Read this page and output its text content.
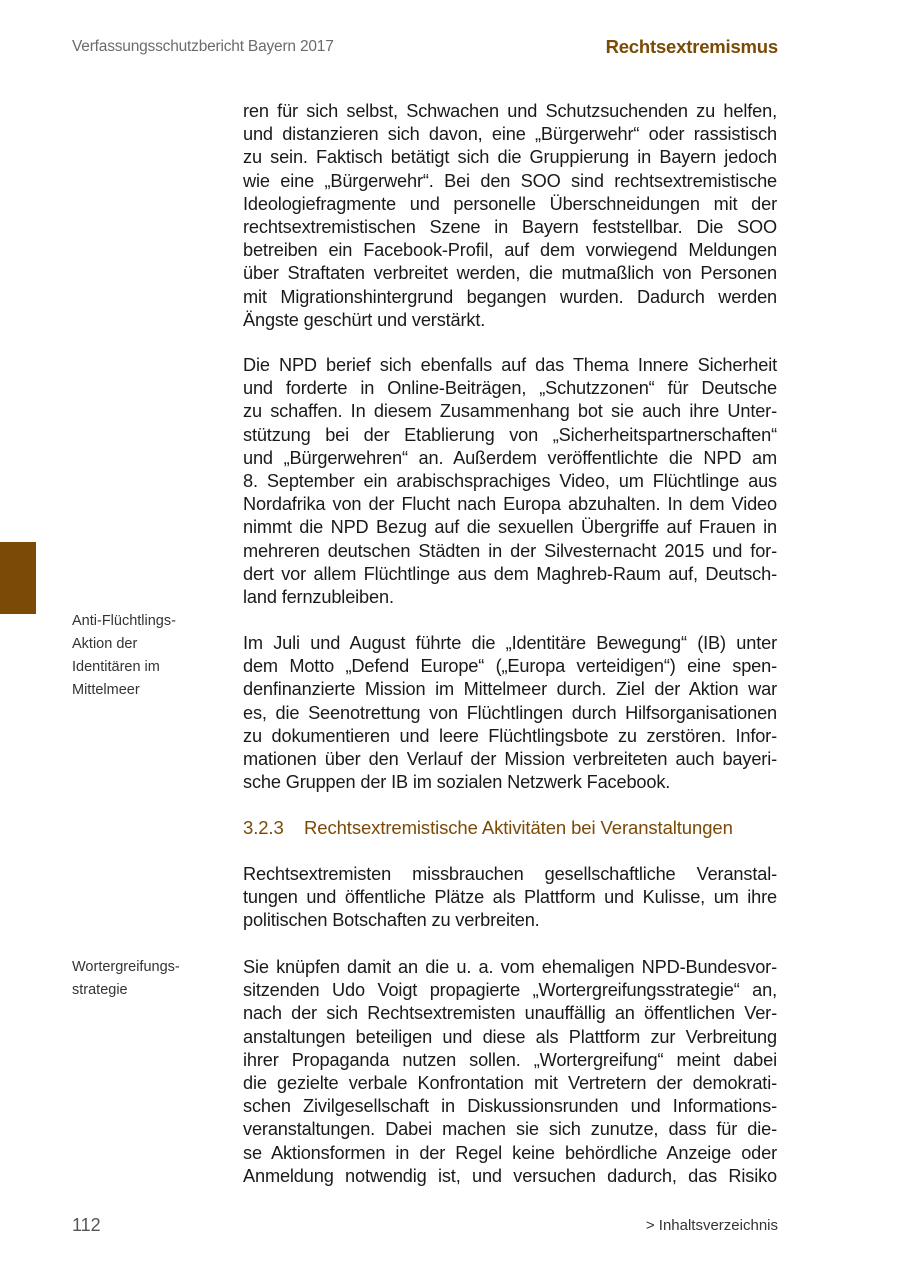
Verfassungsschutzbericht Bayern 2017	Rechtsextremismus
Anti-Flüchtlings-
Aktion der
Identitären im
Mittelmeer
Wortergreifungs-
strategie

ren für sich selbst, Schwachen und Schutzsuchenden zu helfen,
und distanzieren sich davon, eine „Bürgerwehr“ oder rassistisch
zu sein. Faktisch betätigt sich die Gruppierung in Bayern jedoch
wie eine „Bürgerwehr“. Bei den SOO sind rechtsextremistische
Ideologiefragmente und personelle Überschneidungen mit der
rechtsextremistischen Szene in Bayern feststellbar. Die SOO
betreiben ein Facebook-Profil, auf dem vorwiegend Meldungen
über Straftaten verbreitet werden, die mutmaßlich von Personen
mit Migrationshintergrund begangen wurden. Dadurch werden
Ängste geschürt und verstärkt.

Die NPD berief sich ebenfalls auf das Thema Innere Sicherheit
und forderte in Online-Beiträgen, „Schutzzonen“ für Deutsche
zu schaffen. In diesem Zusammenhang bot sie auch ihre Unter-
stützung bei der Etablierung von „Sicherheitspartnerschaften“
und „Bürgerwehren“ an. Außerdem veröffentlichte die NPD am
8. September ein arabischsprachiges Video, um Flüchtlinge aus
Nordafrika von der Flucht nach Europa abzuhalten. In dem Video
nimmt die NPD Bezug auf die sexuellen Übergriffe auf Frauen in
mehreren deutschen Städten in der Silvesternacht 2015 und for-
dert vor allem Flüchtlinge aus dem Maghreb-Raum auf, Deutsch-
land fernzubleiben.

Im Juli und August führte die „Identitäre Bewegung“ (IB) unter
dem Motto „Defend Europe“ („Europa verteidigen“) eine spen-
denfinanzierte Mission im Mittelmeer durch. Ziel der Aktion war
es, die Seenotrettung von Flüchtlingen durch Hilfsorganisationen
zu dokumentieren und leere Flüchtlingsbote zu zerstören. Infor-
mationen über den Verlauf der Mission verbreiteten auch bayeri-
sche Gruppen der IB im sozialen Netzwerk Facebook.

3.2.3 Rechtsextremistische Aktivitäten bei Veranstaltungen

Rechtsextremisten missbrauchen gesellschaftliche Veranstal-
tungen und öffentliche Plätze als Plattform und Kulisse, um ihre
politischen Botschaften zu verbreiten.

Sie knüpfen damit an die u. a. vom ehemaligen NPD-Bundesvor-
sitzenden Udo Voigt propagierte „Wortergreifungsstrategie“ an,
nach der sich Rechtsextremisten unauffällig an öffentlichen Ver-
anstaltungen beteiligen und diese als Plattform zur Verbreitung
ihrer Propaganda nutzen sollen. „Wortergreifung“ meint dabei
die gezielte verbale Konfrontation mit Vertretern der demokrati-
schen Zivilgesellschaft in Diskussionsrunden und Informations-
veranstaltungen. Dabei machen sie sich zunutze, dass für die-
se Aktionsformen in der Regel keine behördliche Anzeige oder
Anmeldung notwendig ist, und versuchen dadurch, das Risiko

112	> Inhaltsverzeichnis
